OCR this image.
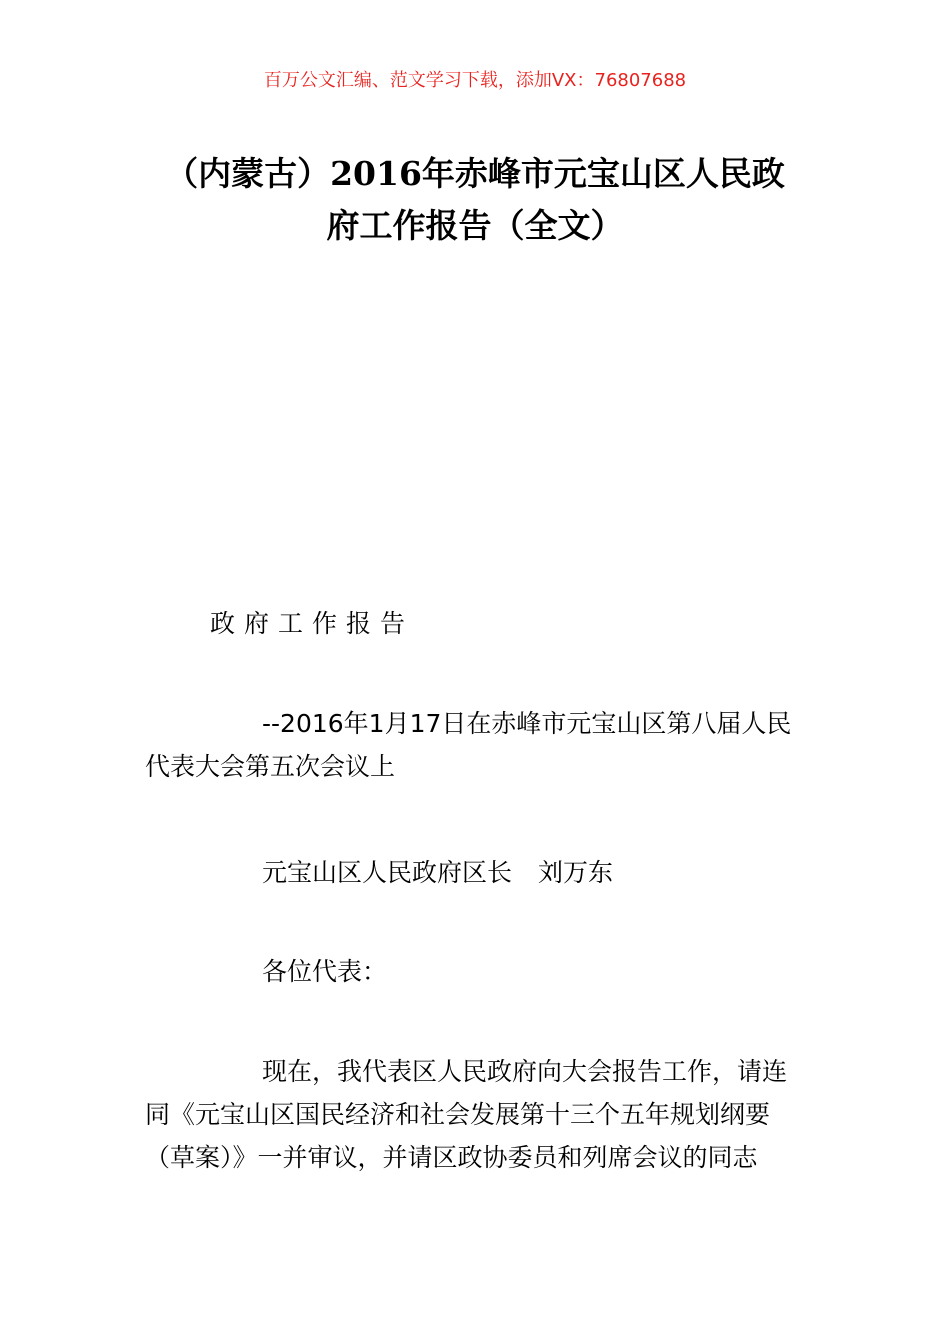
百万公文汇编、范文学习下载，添加VX：76807688
（内蒙古）2016年赤峰市元宝山区人民政
府工作报告（全文）

政府工作报告

--2016年1月17日在赤峰市元宝山区第八届人民代表大会第五次会议上

元宝山区人民政府区长 刘万东

各位代表：

现在，我代表区人民政府向大会报告工作，请连同《元宝山区国民经济和社会发展第十三个五年规划纲要（草案）》一并审议，并请区政协委员和列席会议的同志
